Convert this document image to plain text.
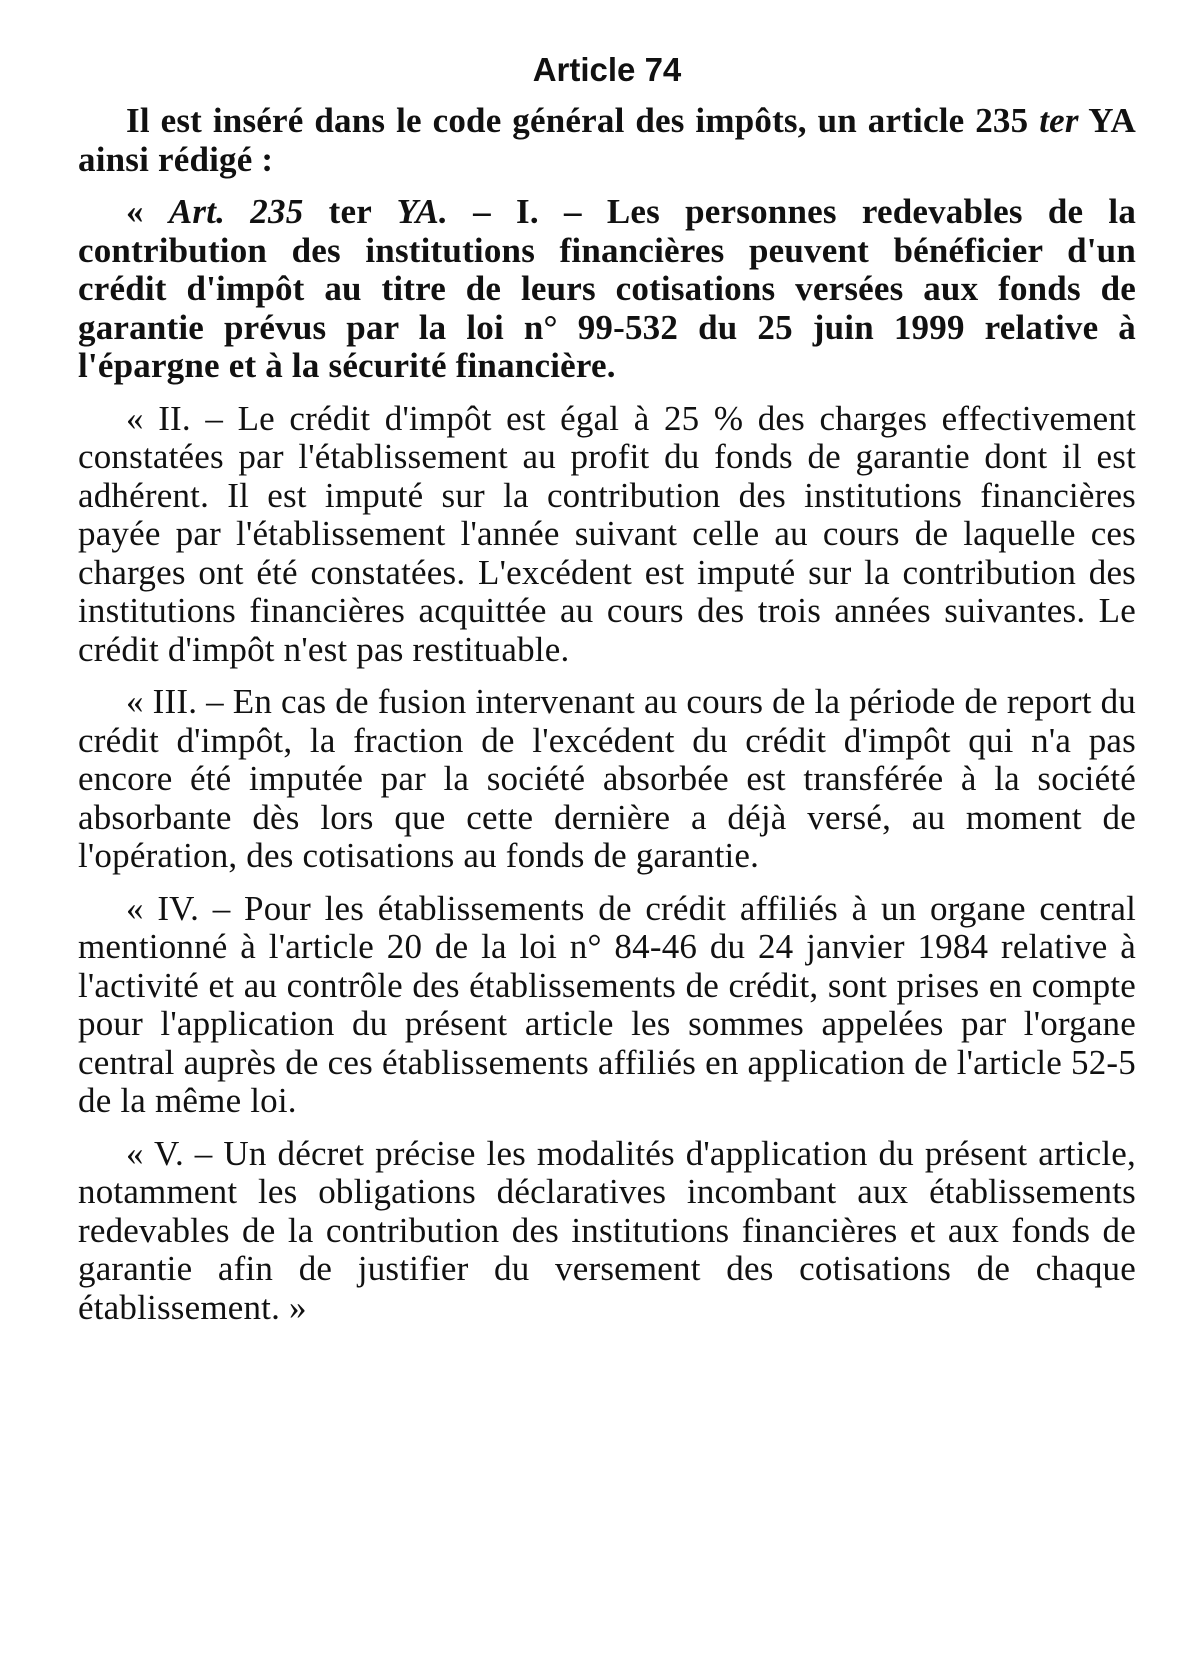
Article 74

Il est inséré dans le code général des impôts, un article 235 ter YA ainsi rédigé :

« Art. 235 ter YA. – I. – Les personnes redevables de la contribution des institutions financières peuvent bénéficier d'un crédit d'impôt au titre de leurs cotisations versées aux fonds de garantie prévus par la loi n° 99-532 du 25 juin 1999 relative à l'épargne et à la sécurité financière.

« II. – Le crédit d'impôt est égal à 25 % des charges effectivement constatées par l'établissement au profit du fonds de garantie dont il est adhérent. Il est imputé sur la contribution des institutions financières payée par l'établissement l'année suivant celle au cours de laquelle ces charges ont été constatées. L'excédent est imputé sur la contribution des institutions financières acquittée au cours des trois années suivantes. Le crédit d'impôt n'est pas restituable.

« III. – En cas de fusion intervenant au cours de la période de report du crédit d'impôt, la fraction de l'excédent du crédit d'impôt qui n'a pas encore été imputée par la société absorbée est transférée à la société absorbante dès lors que cette dernière a déjà versé, au moment de l'opération, des cotisations au fonds de garantie.

« IV. – Pour les établissements de crédit affiliés à un organe central mentionné à l'article 20 de la loi n° 84-46 du 24 janvier 1984 relative à l'activité et au contrôle des établissements de crédit, sont prises en compte pour l'application du présent article les sommes appelées par l'organe central auprès de ces établissements affiliés en application de l'article 52-5 de la même loi.

« V. – Un décret précise les modalités d'application du présent article, notamment les obligations déclaratives incombant aux établissements redevables de la contribution des institutions financières et aux fonds de garantie afin de justifier du versement des cotisations de chaque établissement. »
